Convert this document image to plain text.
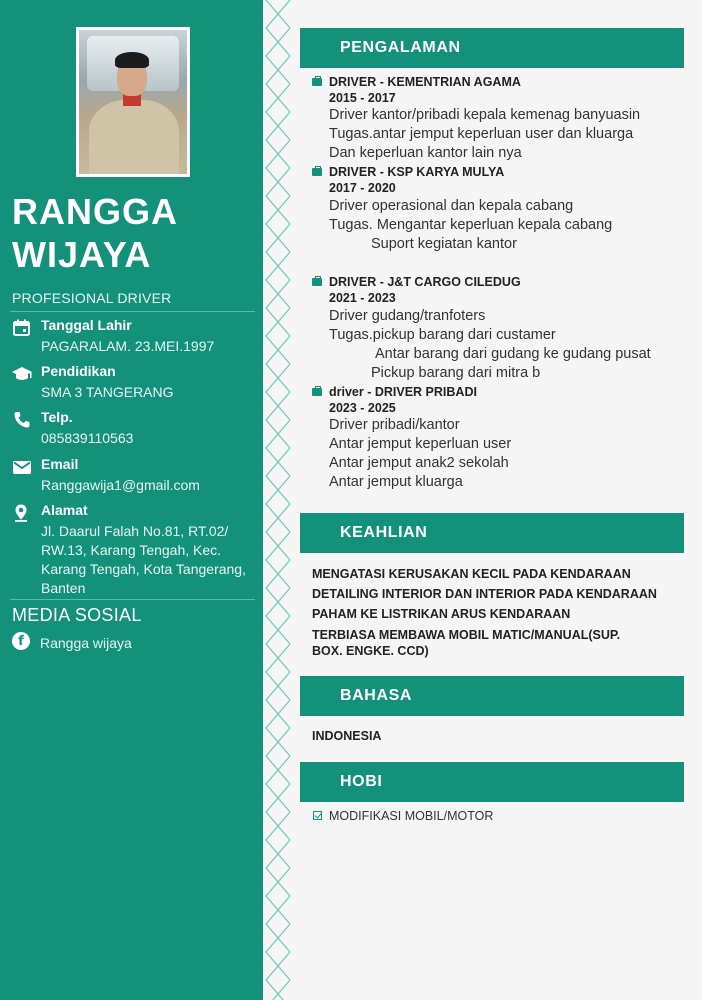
RANGGA
WIJAYA
PROFESIONAL DRIVER
Tanggal Lahir
PAGARALAM. 23.MEI.1997
Pendidikan
SMA 3 TANGERANG
Telp.
085839110563
Email
Ranggawija1@gmail.com
Alamat
Jl. Daarul Falah No.81, RT.02/ RW.13, Karang Tengah, Kec. Karang Tengah, Kota Tangerang, Banten
MEDIA SOSIAL
f	Rangga wijaya
PENGALAMAN
DRIVER - KEMENTRIAN AGAMA
2015 - 2017
Driver kantor/pribadi kepala kemenag banyuasin
Tugas.antar jemput keperluan user dan kluarga
Dan keperluan kantor lain nya
DRIVER - KSP KARYA MULYA
2017 - 2020
Driver operasional dan kepala cabang
Tugas. Mengantar keperluan kepala cabang
Suport kegiatan kantor
DRIVER - J&T CARGO CILEDUG
2021 - 2023
Driver gudang/tranfoters
Tugas.pickup barang dari custamer
Antar barang dari gudang ke gudang pusat
Pickup barang dari mitra b
driver - DRIVER PRIBADI
2023 - 2025
Driver pribadi/kantor
Antar jemput keperluan user
Antar jemput anak2 sekolah
Antar jemput kluarga
KEAHLIAN
MENGATASI KERUSAKAN KECIL PADA KENDARAAN
DETAILING INTERIOR DAN INTERIOR PADA KENDARAAN
PAHAM KE LISTRIKAN ARUS KENDARAAN
TERBIASA MEMBAWA MOBIL MATIC/MANUAL(SUP. BOX. ENGKE. CCD)
BAHASA
INDONESIA
HOBI
MODIFIKASI MOBIL/MOTOR
